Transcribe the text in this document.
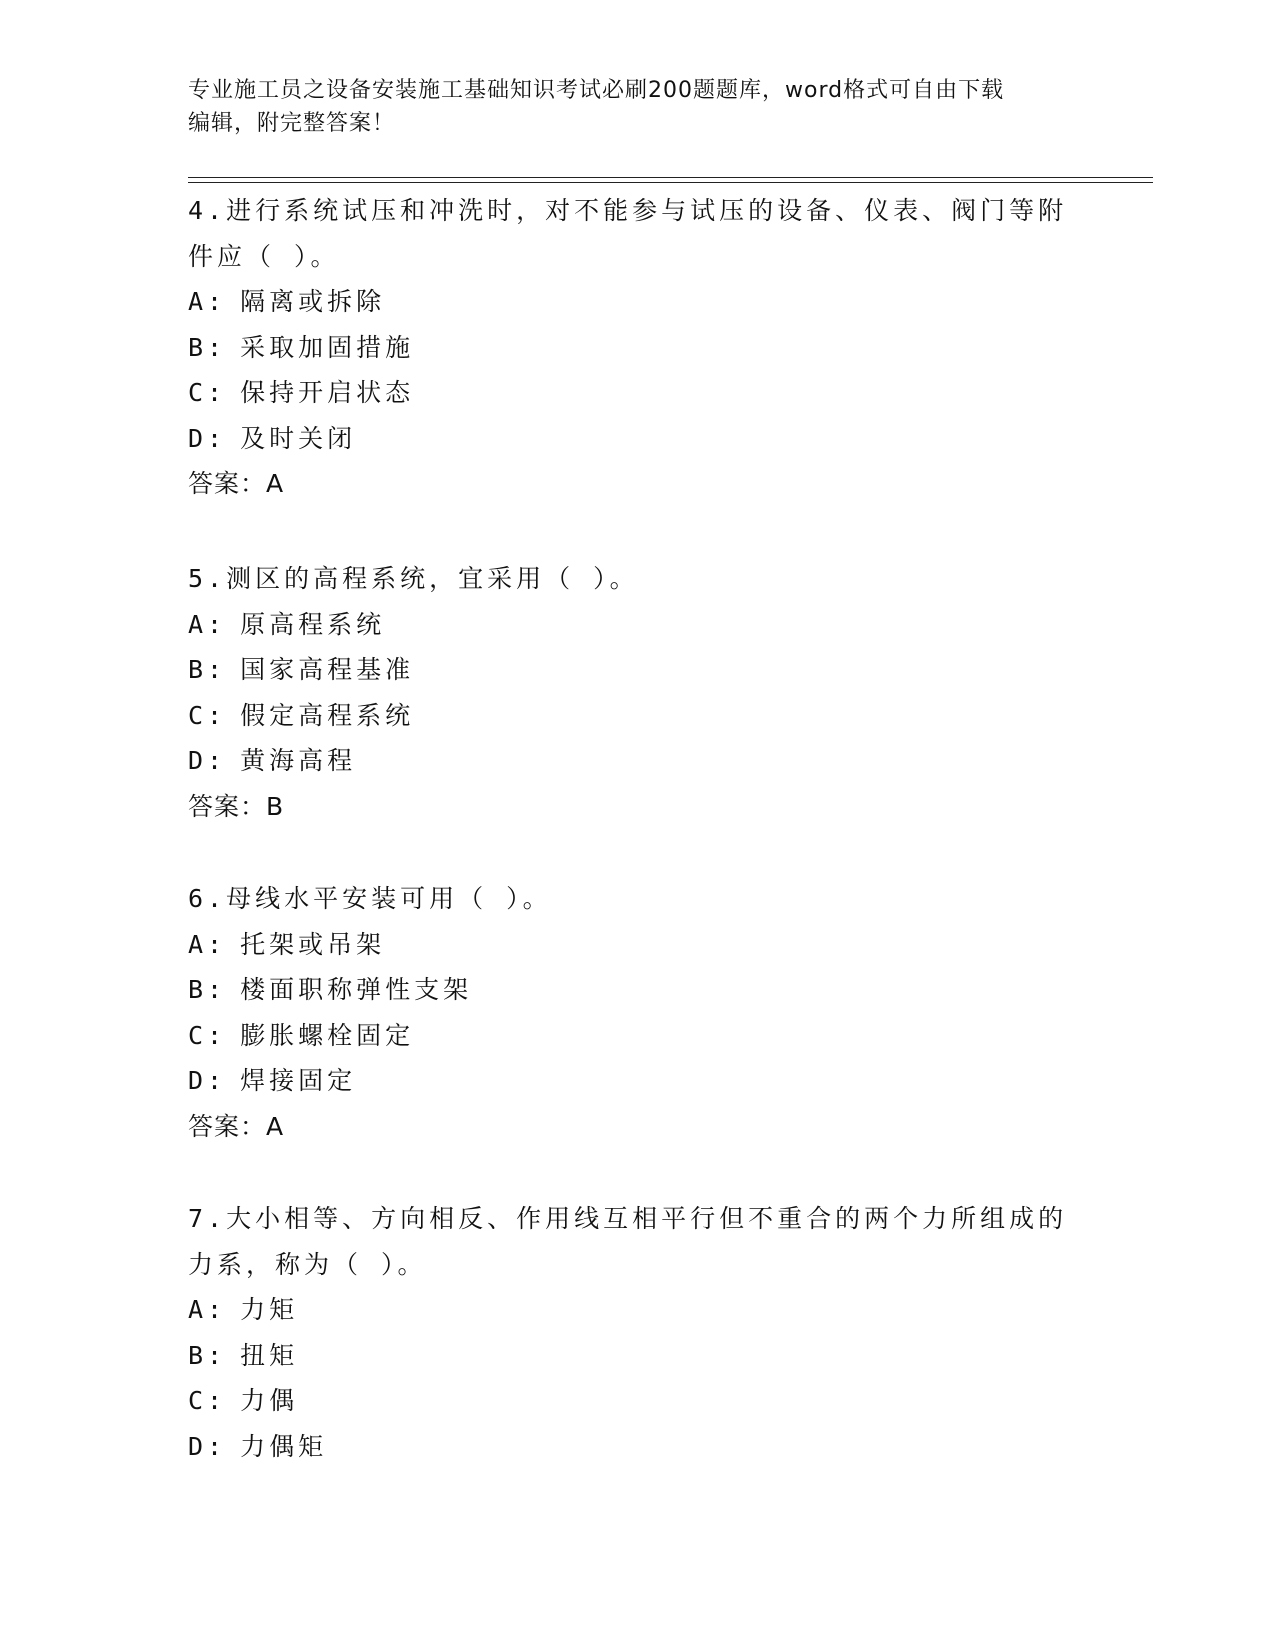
专业施工员之设备安装施工基础知识考试必刷200题题库，word格式可自由下载
编辑，附完整答案！

4.进行系统试压和冲洗时，对不能参与试压的设备、仪表、阀门等附

件应（ ）。

A: 隔离或拆除

B: 采取加固措施

C: 保持开启状态

D: 及时关闭

答案：A

5.测区的高程系统，宜采用（ ）。

A: 原高程系统

B: 国家高程基准

C: 假定高程系统

D: 黄海高程

答案：B

6.母线水平安装可用（ ）。

A: 托架或吊架

B: 楼面职称弹性支架

C: 膨胀螺栓固定

D: 焊接固定

答案：A

7.大小相等、方向相反、作用线互相平行但不重合的两个力所组成的

力系，称为（ ）。

A: 力矩

B: 扭矩

C: 力偶

D: 力偶矩
